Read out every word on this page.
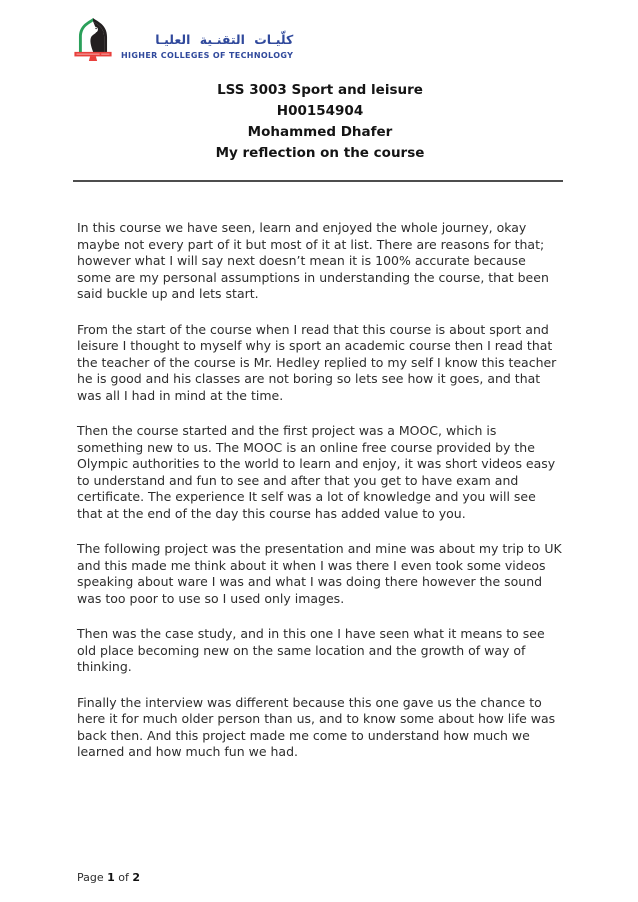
كلّيـات التقنـية العليـا
HIGHER COLLEGES OF TECHNOLOGY
LSS 3003 Sport and leisure
H00154904
Mohammed Dhafer
My reflection on the course

In this course we have seen, learn and enjoyed the whole journey, okay maybe not every part of it but most of it at list. There are reasons for that; however what I will say next doesn’t mean it is 100% accurate because some are my personal assumptions in understanding the course, that been said buckle up and lets start.

From the start of the course when I read that this course is about sport and leisure I thought to myself why is sport an academic course then I read that the teacher of the course is Mr. Hedley replied to my self I know this teacher he is good and his classes are not boring so lets see how it goes, and that was all I had in mind at the time.

Then the course started and the first project was a MOOC, which is something new to us. The MOOC is an online free course provided by the Olympic authorities to the world to learn and enjoy, it was short videos easy to understand and fun to see and after that you get to have exam and certificate. The experience It self was a lot of knowledge and you will see that at the end of the day this course has added value to you.

The following project was the presentation and mine was about my trip to UK and this made me think about it when I was there I even took some videos speaking about ware I was and what I was doing there however the sound was too poor to use so I used only images.

Then was the case study, and in this one I have seen what it means to see old place becoming new on the same location and the growth of way of thinking.

Finally the interview was different because this one gave us the chance to here it for much older person than us, and to know some about how life was back then. And this project made me come to understand how much we learned and how much fun we had.

Page 1 of 2
